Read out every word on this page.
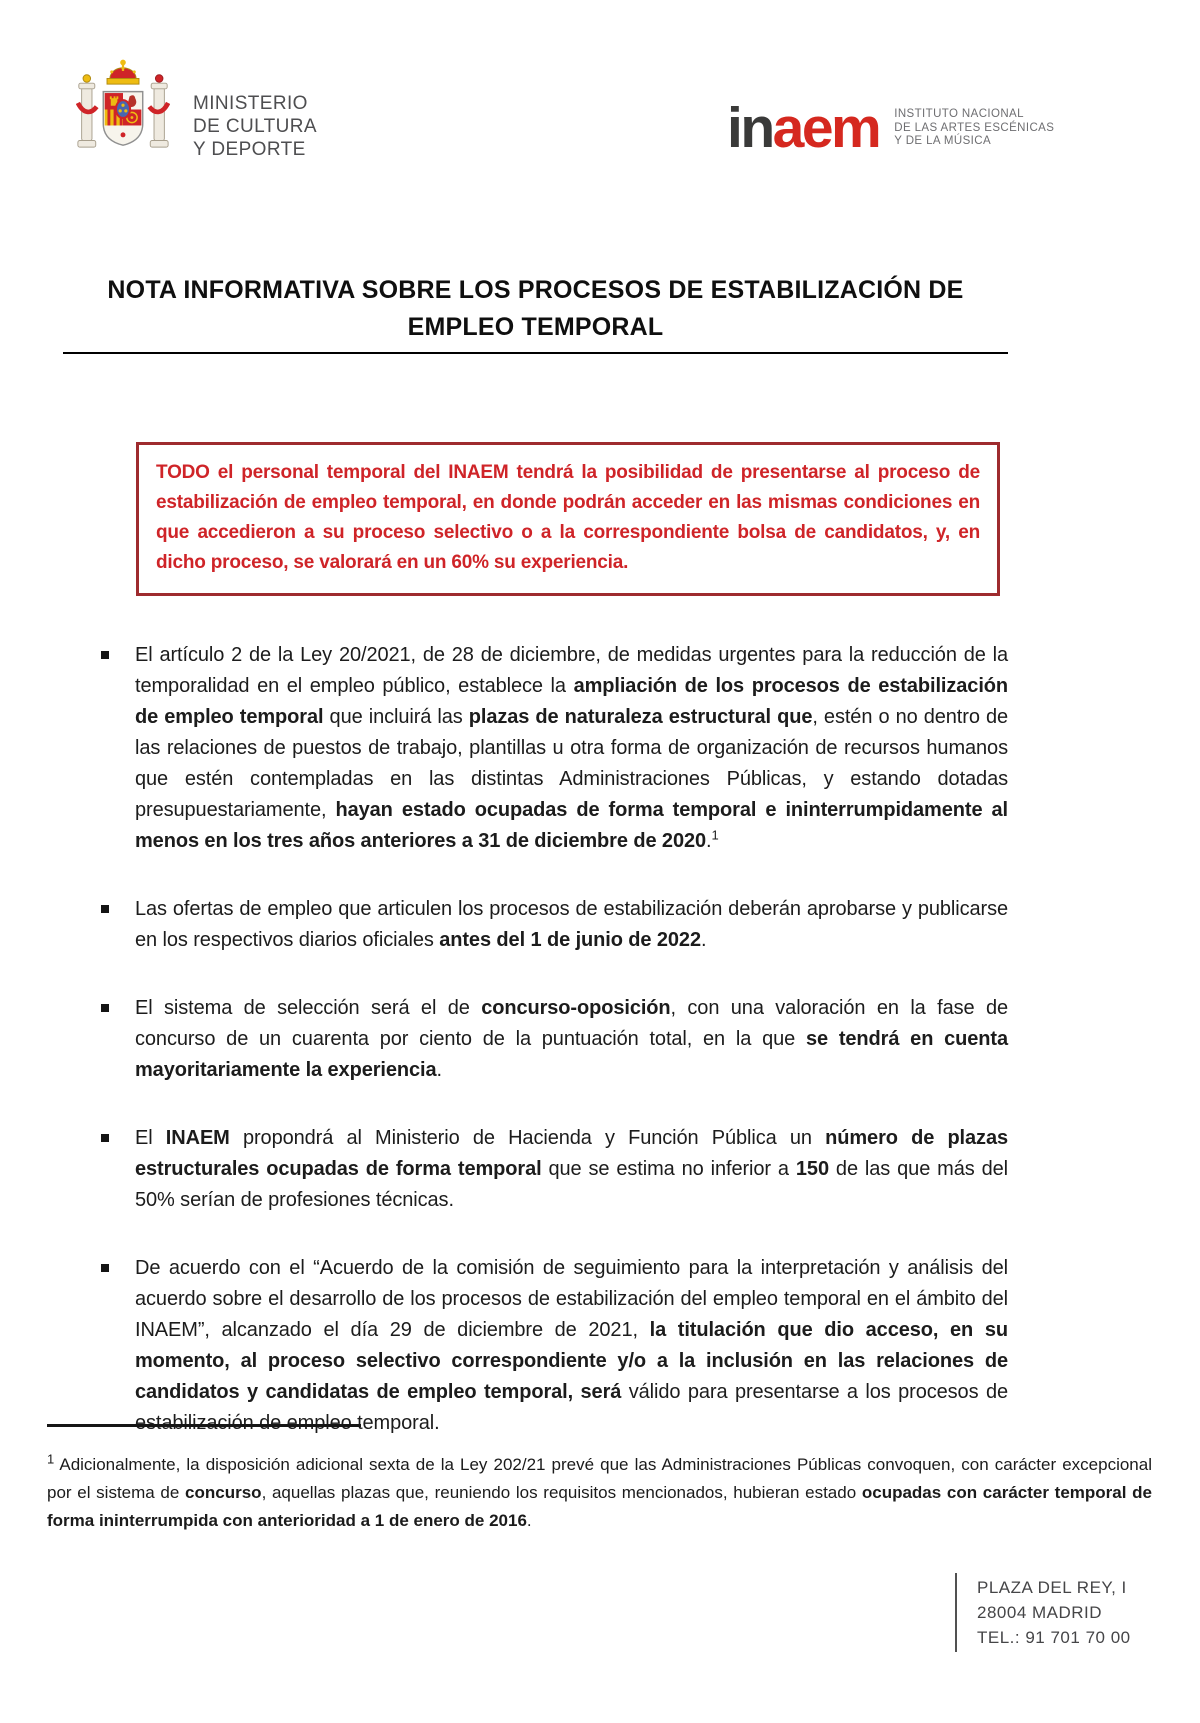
MINISTERIO
DE CULTURA
Y DEPORTE	inaem INSTITUTO NACIONAL
DE LAS ARTES ESCÉNICAS
Y DE LA MÚSICA
NOTA INFORMATIVA SOBRE LOS PROCESOS DE ESTABILIZACIÓN DE
EMPLEO TEMPORAL

TODO el personal temporal del INAEM tendrá la posibilidad de presentarse al proceso de estabilización de empleo temporal, en donde podrán acceder en las mismas condiciones en que accedieron a su proceso selectivo o a la correspondiente bolsa de candidatos, y, en dicho proceso, se valorará en un 60% su experiencia.

El artículo 2 de la Ley 20/2021, de 28 de diciembre, de medidas urgentes para la reducción de la temporalidad en el empleo público, establece la ampliación de los procesos de estabilización de empleo temporal que incluirá las plazas de naturaleza estructural que, estén o no dentro de las relaciones de puestos de trabajo, plantillas u otra forma de organización de recursos humanos que estén contempladas en las distintas Administraciones Públicas, y estando dotadas presupuestariamente, hayan estado ocupadas de forma temporal e ininterrumpidamente al menos en los tres años anteriores a 31 de diciembre de 2020.$^1$

Las ofertas de empleo que articulen los procesos de estabilización deberán aprobarse y publicarse en los respectivos diarios oficiales antes del 1 de junio de 2022.

El sistema de selección será el de concurso-oposición, con una valoración en la fase de concurso de un cuarenta por ciento de la puntuación total, en la que se tendrá en cuenta mayoritariamente la experiencia.

El INAEM propondrá al Ministerio de Hacienda y Función Pública un número de plazas estructurales ocupadas de forma temporal que se estima no inferior a 150 de las que más del 50% serían de profesiones técnicas.

De acuerdo con el “Acuerdo de la comisión de seguimiento para la interpretación y análisis del acuerdo sobre el desarrollo de los procesos de estabilización del empleo temporal en el ámbito del INAEM”, alcanzado el día 29 de diciembre de 2021, la titulación que dio acceso, en su momento, al proceso selectivo correspondiente y/o a la inclusión en las relaciones de candidatos y candidatas de empleo temporal, será válido para presentarse a los procesos de estabilización de empleo temporal.

$^1$ Adicionalmente, la disposición adicional sexta de la Ley 202/21 prevé que las Administraciones Públicas convoquen, con carácter excepcional por el sistema de concurso, aquellas plazas que, reuniendo los requisitos mencionados, hubieran estado ocupadas con carácter temporal de forma ininterrumpida con anterioridad a 1 de enero de 2016.

PLAZA DEL REY, I
28004 MADRID
TEL.: 91 701 70 00
